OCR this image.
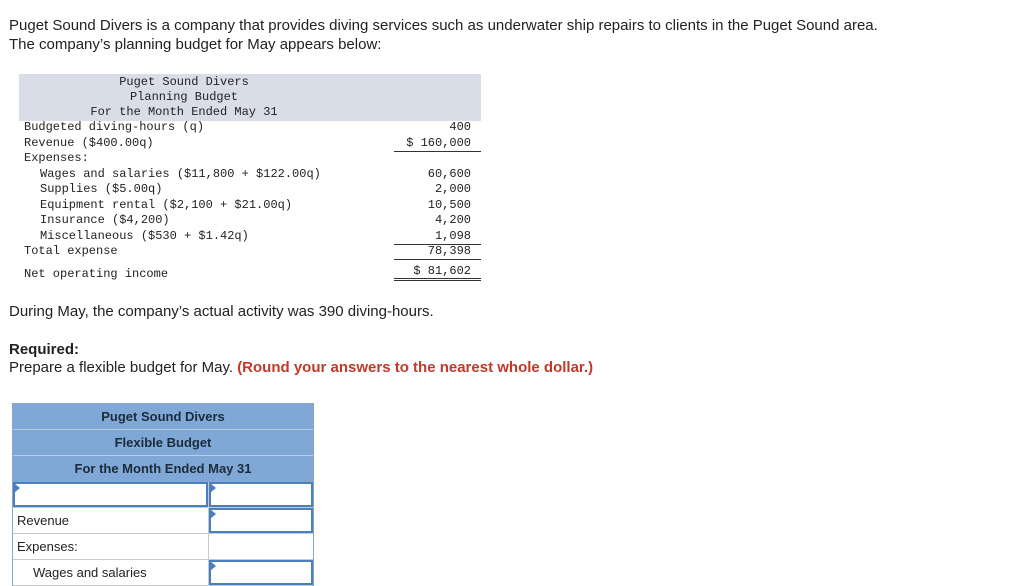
Puget Sound Divers is a company that provides diving services such as underwater ship repairs to clients in the Puget Sound area.
The company’s planning budget for May appears below:
Puget Sound Divers
Planning Budget
For the Month Ended May 31
Budgeted diving-hours (q)	400
Revenue ($400.00q)	$ 160,000
Expenses:
Wages and salaries ($11,800 + $122.00q)	60,600
Supplies ($5.00q)	2,000
Equipment rental ($2,100 + $21.00q)	10,500
Insurance ($4,200)	4,200
Miscellaneous ($530 + $1.42q)	1,098
Total expense	78,398
Net operating income	$ 81,602
During May, the company’s actual activity was 390 diving-hours.
Required:
Prepare a flexible budget for May. (Round your answers to the nearest whole dollar.)
Puget Sound Divers
Flexible Budget
For the Month Ended May 31
Revenue
Expenses:
Wages and salaries
